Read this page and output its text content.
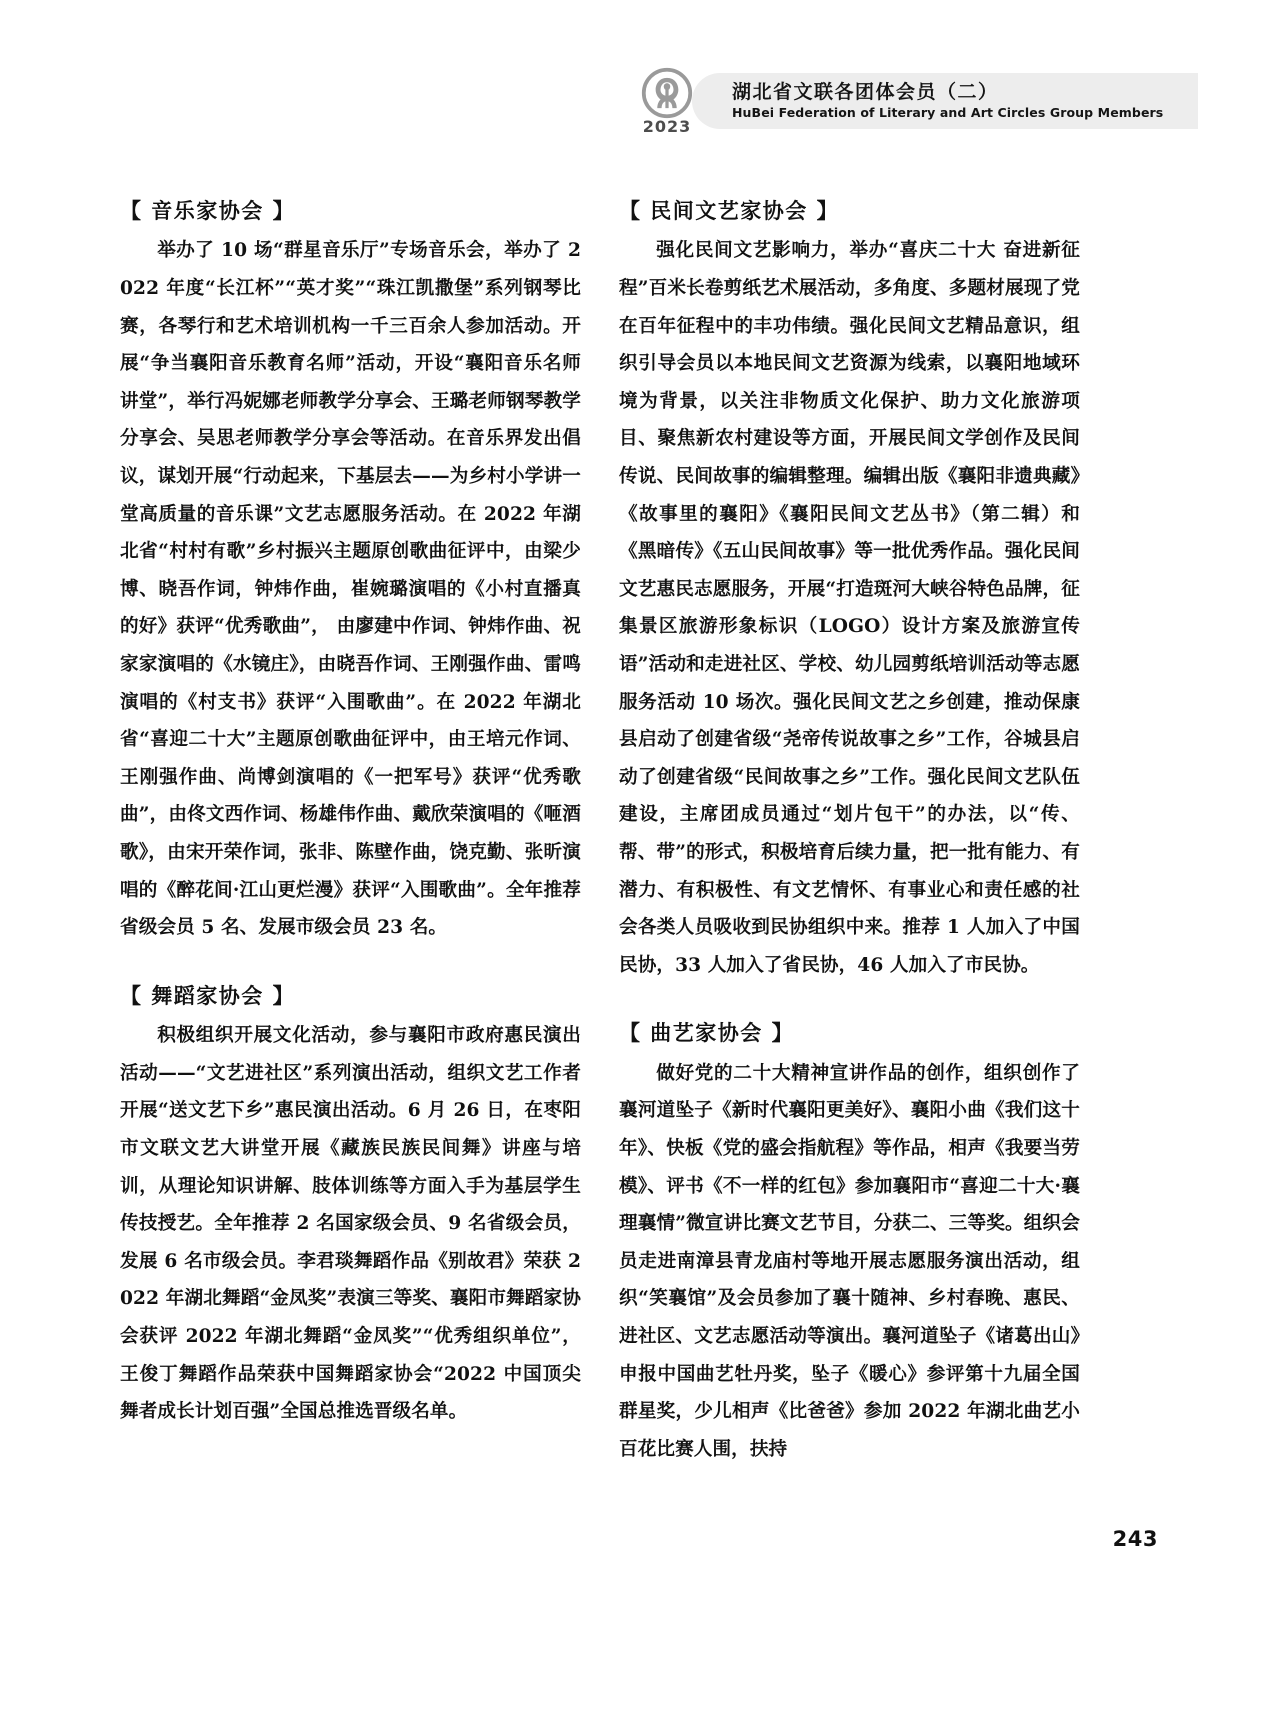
2023
湖北省文联各团体会员（二）
HuBei Federation of Literary and Art Circles Group Members
【 音乐家协会 】

举办了 10 场“群星音乐厅”专场音乐会，举办了 2022 年度“长江杯”“英才奖”“珠江凯撒堡”系列钢琴比赛，各琴行和艺术培训机构一千三百余人参加活动。开展“争当襄阳音乐教育名师”活动，开设“襄阳音乐名师讲堂”，举行冯妮娜老师教学分享会、王璐老师钢琴教学分享会、吴思老师教学分享会等活动。在音乐界发出倡议，谋划开展“行动起来，下基层去——为乡村小学讲一堂高质量的音乐课”文艺志愿服务活动。在 2022 年湖北省“村村有歌”乡村振兴主题原创歌曲征评中，由梁少博、晓吾作词，钟炜作曲，崔婉璐演唱的《小村直播真的好》获评“优秀歌曲”， 由廖建中作词、钟炜作曲、祝家家演唱的《水镜庄》，由晓吾作词、王刚强作曲、雷鸣演唱的《村支书》获评“入围歌曲”。在 2022 年湖北省“喜迎二十大”主题原创歌曲征评中，由王培元作词、王刚强作曲、尚博剑演唱的《一把军号》获评“优秀歌曲”，由佟文西作词、杨雄伟作曲、戴欣荣演唱的《咂酒歌》，由宋开荣作词，张非、陈壁作曲，饶克勤、张昕演唱的《醉花间·江山更烂漫》获评“入围歌曲”。全年推荐省级会员 5 名、发展市级会员 23 名。

【 舞蹈家协会 】

积极组织开展文化活动，参与襄阳市政府惠民演出活动——“文艺进社区”系列演出活动，组织文艺工作者开展“送文艺下乡”惠民演出活动。6 月 26 日，在枣阳市文联文艺大讲堂开展《藏族民族民间舞》讲座与培训，从理论知识讲解、肢体训练等方面入手为基层学生传技授艺。全年推荐 2 名国家级会员、9 名省级会员，发展 6 名市级会员。李君琰舞蹈作品《别故君》荣获 2022 年湖北舞蹈“金凤奖”表演三等奖、襄阳市舞蹈家协会获评 2022 年湖北舞蹈“金凤奖”“优秀组织单位”，王俊丁舞蹈作品荣获中国舞蹈家协会“2022 中国顶尖舞者成长计划百强”全国总推选晋级名单。

【 民间文艺家协会 】

强化民间文艺影响力，举办“喜庆二十大 奋进新征程”百米长卷剪纸艺术展活动，多角度、多题材展现了党在百年征程中的丰功伟绩。强化民间文艺精品意识，组织引导会员以本地民间文艺资源为线索，以襄阳地域环境为背景，以关注非物质文化保护、助力文化旅游项目、聚焦新农村建设等方面，开展民间文学创作及民间传说、民间故事的编辑整理。编辑出版《襄阳非遗典藏》《故事里的襄阳》《襄阳民间文艺丛书》（第二辑）和《黑暗传》《五山民间故事》等一批优秀作品。强化民间文艺惠民志愿服务，开展“打造斑河大峡谷特色品牌，征集景区旅游形象标识（LOGO）设计方案及旅游宣传语”活动和走进社区、学校、幼儿园剪纸培训活动等志愿服务活动 10 场次。强化民间文艺之乡创建，推动保康县启动了创建省级“尧帝传说故事之乡”工作，谷城县启动了创建省级“民间故事之乡”工作。强化民间文艺队伍建设，主席团成员通过“划片包干”的办法，以“传、帮、带”的形式，积极培育后续力量，把一批有能力、有潜力、有积极性、有文艺情怀、有事业心和责任感的社会各类人员吸收到民协组织中来。推荐 1 人加入了中国民协，33 人加入了省民协，46 人加入了市民协。

【 曲艺家协会 】

做好党的二十大精神宣讲作品的创作，组织创作了襄河道坠子《新时代襄阳更美好》、襄阳小曲《我们这十年》、快板《党的盛会指航程》等作品，相声《我要当劳模》、评书《不一样的红包》参加襄阳市“喜迎二十大·襄理襄情”微宣讲比赛文艺节目，分获二、三等奖。组织会员走进南漳县青龙庙村等地开展志愿服务演出活动，组织“笑襄馆”及会员参加了襄十随神、乡村春晚、惠民、进社区、文艺志愿活动等演出。襄河道坠子《诸葛出山》申报中国曲艺牡丹奖，坠子《暖心》参评第十九届全国群星奖，少儿相声《比爸爸》参加 2022 年湖北曲艺小百花比赛人围，扶持

243
